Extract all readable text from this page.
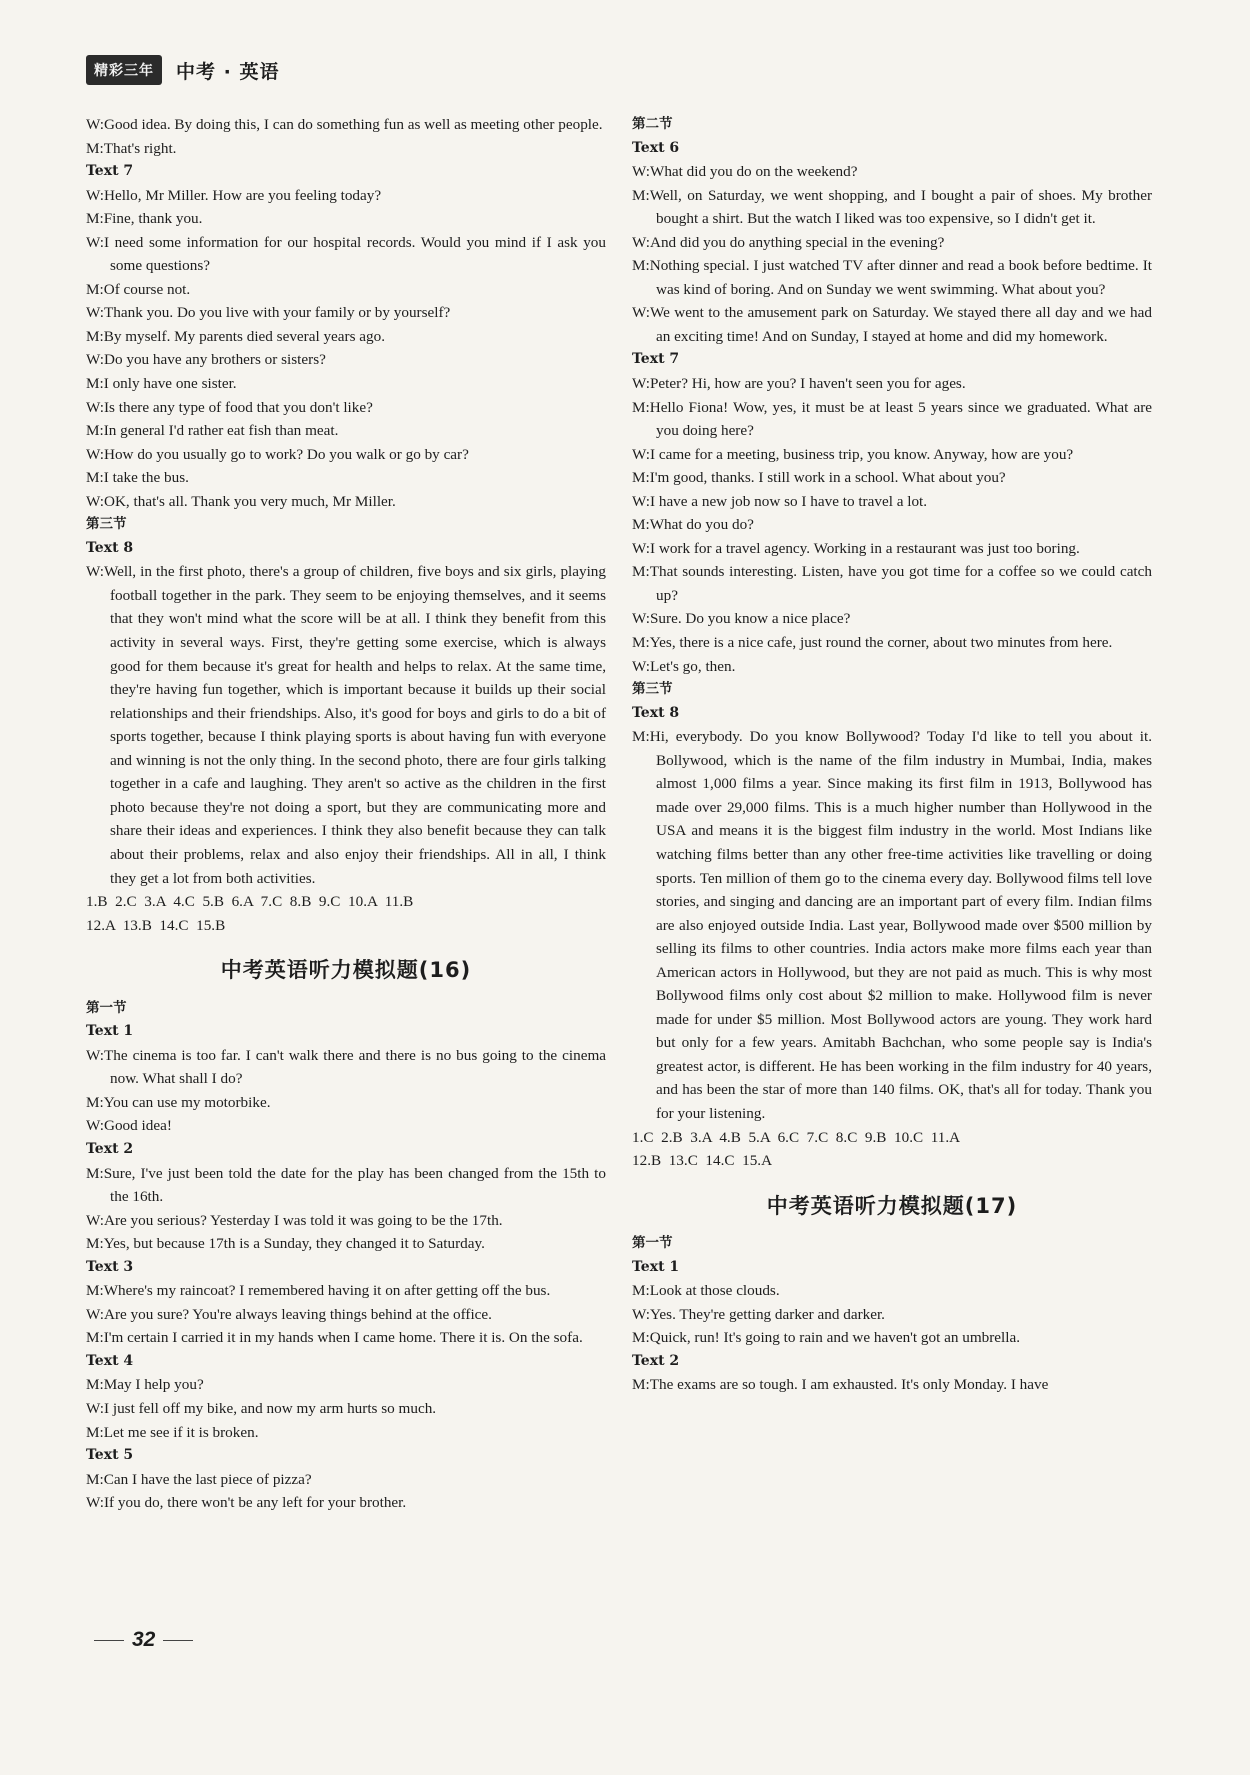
精彩三年	中考 · 英语
W:Good idea. By doing this, I can do something fun as well as meeting other people.
M:That's right.
Text 7
W:Hello, Mr Miller. How are you feeling today?
M:Fine, thank you.
W:I need some information for our hospital records. Would you mind if I ask you some questions?
M:Of course not.
W:Thank you. Do you live with your family or by yourself?
M:By myself. My parents died several years ago.
W:Do you have any brothers or sisters?
M:I only have one sister.
W:Is there any type of food that you don't like?
M:In general I'd rather eat fish than meat.
W:How do you usually go to work? Do you walk or go by car?
M:I take the bus.
W:OK, that's all. Thank you very much, Mr Miller.
第三节
Text 8
W:Well, in the first photo, there's a group of children, five boys and six girls, playing football together in the park. They seem to be enjoying themselves, and it seems that they won't mind what the score will be at all. I think they benefit from this activity in several ways. First, they're getting some exercise, which is always good for them because it's great for health and helps to relax. At the same time, they're having fun together, which is important because it builds up their social relationships and their friendships. Also, it's good for boys and girls to do a bit of sports together, because I think playing sports is about having fun with everyone and winning is not the only thing. In the second photo, there are four girls talking together in a cafe and laughing. They aren't so active as the children in the first photo because they're not doing a sport, but they are communicating more and share their ideas and experiences. I think they also benefit because they can talk about their problems, relax and also enjoy their friendships. All in all, I think they get a lot from both activities.
1.B  2.C  3.A  4.C  5.B  6.A  7.C  8.B  9.C  10.A  11.B
12.A  13.B  14.C  15.B
中考英语听力模拟题(16)
第一节
Text 1
W:The cinema is too far. I can't walk there and there is no bus going to the cinema now. What shall I do?
M:You can use my motorbike.
W:Good idea!
Text 2
M:Sure, I've just been told the date for the play has been changed from the 15th to the 16th.
W:Are you serious? Yesterday I was told it was going to be the 17th.
M:Yes, but because 17th is a Sunday, they changed it to Saturday.
Text 3
M:Where's my raincoat? I remembered having it on after getting off the bus.
W:Are you sure? You're always leaving things behind at the office.
M:I'm certain I carried it in my hands when I came home. There it is. On the sofa.
Text 4
M:May I help you?
W:I just fell off my bike, and now my arm hurts so much.
M:Let me see if it is broken.
Text 5
M:Can I have the last piece of pizza?
W:If you do, there won't be any left for your brother.
第二节
Text 6
W:What did you do on the weekend?
M:Well, on Saturday, we went shopping, and I bought a pair of shoes. My brother bought a shirt. But the watch I liked was too expensive, so I didn't get it.
W:And did you do anything special in the evening?
M:Nothing special. I just watched TV after dinner and read a book before bedtime. It was kind of boring. And on Sunday we went swimming. What about you?
W:We went to the amusement park on Saturday. We stayed there all day and we had an exciting time! And on Sunday, I stayed at home and did my homework.
Text 7
W:Peter? Hi, how are you? I haven't seen you for ages.
M:Hello Fiona! Wow, yes, it must be at least 5 years since we graduated. What are you doing here?
W:I came for a meeting, business trip, you know. Anyway, how are you?
M:I'm good, thanks. I still work in a school. What about you?
W:I have a new job now so I have to travel a lot.
M:What do you do?
W:I work for a travel agency. Working in a restaurant was just too boring.
M:That sounds interesting. Listen, have you got time for a coffee so we could catch up?
W:Sure. Do you know a nice place?
M:Yes, there is a nice cafe, just round the corner, about two minutes from here.
W:Let's go, then.
第三节
Text 8
M:Hi, everybody. Do you know Bollywood? Today I'd like to tell you about it. Bollywood, which is the name of the film industry in Mumbai, India, makes almost 1,000 films a year. Since making its first film in 1913, Bollywood has made over 29,000 films. This is a much higher number than Hollywood in the USA and means it is the biggest film industry in the world. Most Indians like watching films better than any other free-time activities like travelling or doing sports. Ten million of them go to the cinema every day. Bollywood films tell love stories, and singing and dancing are an important part of every film. Indian films are also enjoyed outside India. Last year, Bollywood made over $500 million by selling its films to other countries. India actors make more films each year than American actors in Hollywood, but they are not paid as much. This is why most Bollywood films only cost about $2 million to make. Hollywood film is never made for under $5 million. Most Bollywood actors are young. They work hard but only for a few years. Amitabh Bachchan, who some people say is India's greatest actor, is different. He has been working in the film industry for 40 years, and has been the star of more than 140 films. OK, that's all for today. Thank you for your listening.
1.C  2.B  3.A  4.B  5.A  6.C  7.C  8.C  9.B  10.C  11.A
12.B  13.C  14.C  15.A
中考英语听力模拟题(17)
第一节
Text 1
M:Look at those clouds.
W:Yes. They're getting darker and darker.
M:Quick, run! It's going to rain and we haven't got an umbrella.
Text 2
M:The exams are so tough. I am exhausted. It's only Monday. I have
32
